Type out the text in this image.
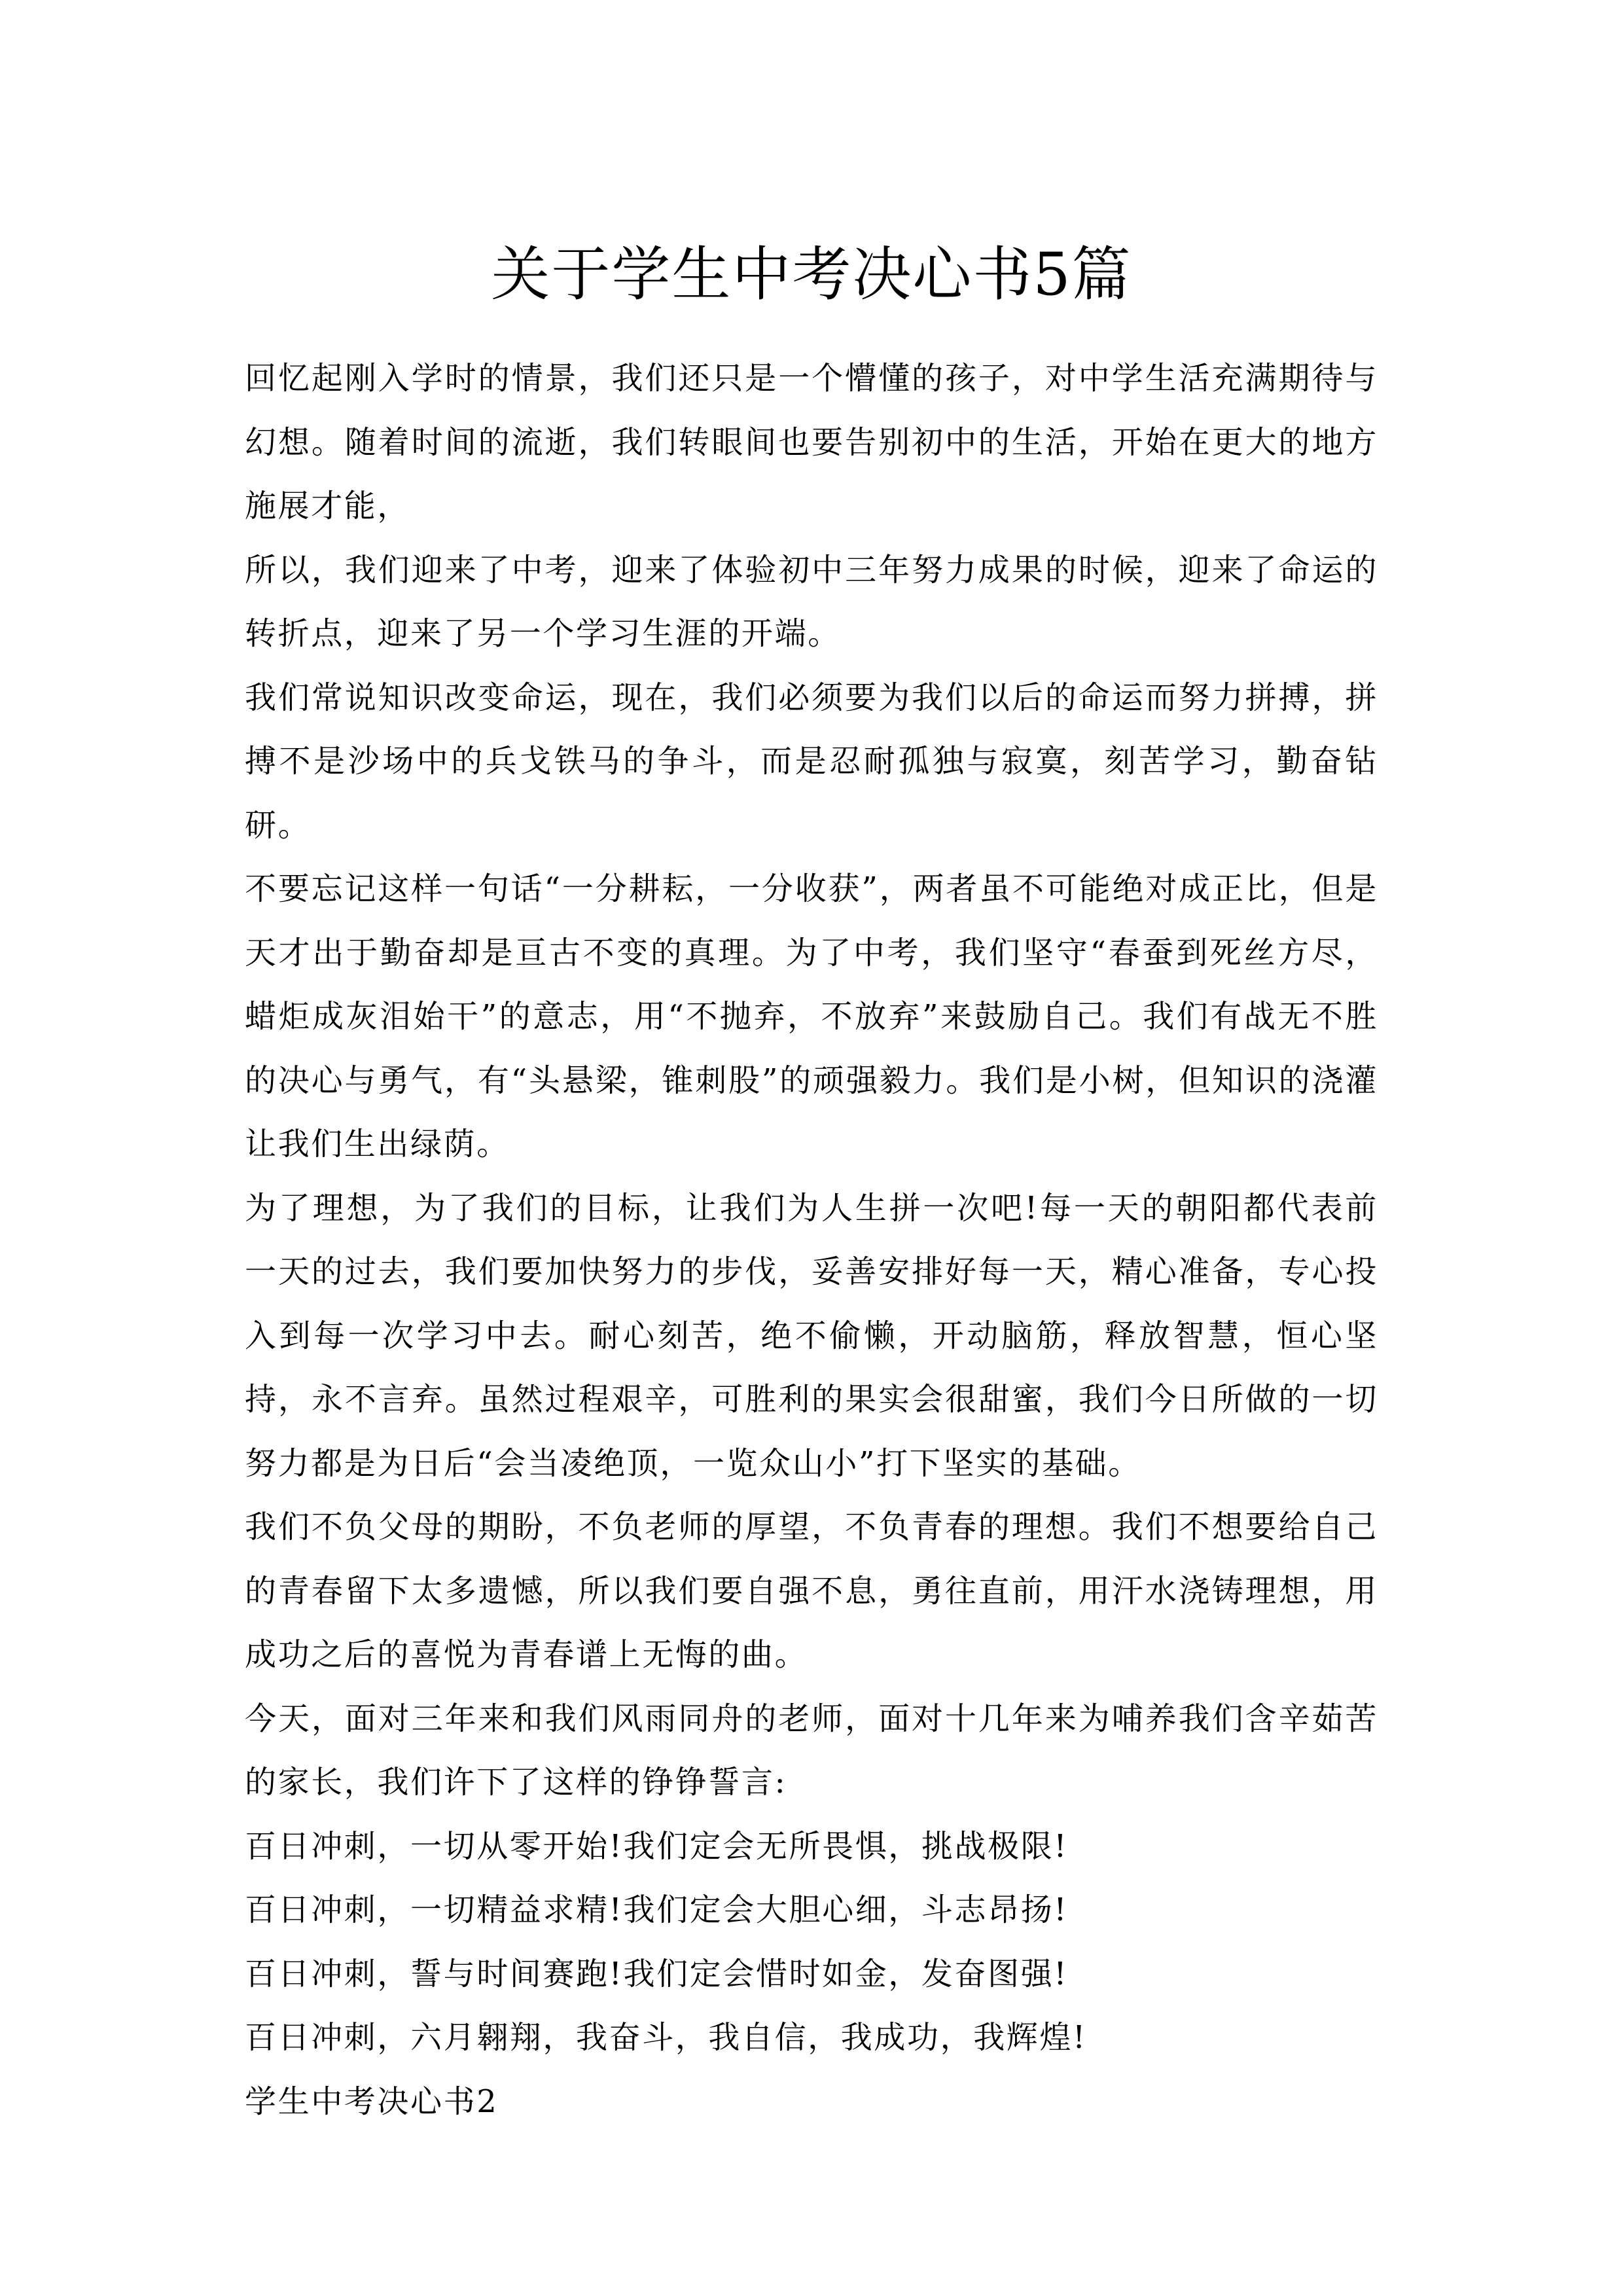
关于学生中考决心书5篇

回忆起刚入学时的情景，我们还只是一个懵懂的孩子，对中学生活充满期待与幻想。随着时间的流逝，我们转眼间也要告别初中的生活，开始在更大的地方施展才能，

所以，我们迎来了中考，迎来了体验初中三年努力成果的时候，迎来了命运的转折点，迎来了另一个学习生涯的开端。

我们常说知识改变命运，现在，我们必须要为我们以后的命运而努力拼搏，拼搏不是沙场中的兵戈铁马的争斗，而是忍耐孤独与寂寞，刻苦学习，勤奋钻研。

不要忘记这样一句话“一分耕耘，一分收获”，两者虽不可能绝对成正比，但是天才出于勤奋却是亘古不变的真理。为了中考，我们坚守“春蚕到死丝方尽，蜡炬成灰泪始干”的意志，用“不抛弃，不放弃”来鼓励自己。我们有战无不胜的决心与勇气，有“头悬梁，锥刺股”的顽强毅力。我们是小树，但知识的浇灌让我们生出绿荫。

为了理想，为了我们的目标，让我们为人生拼一次吧!每一天的朝阳都代表前一天的过去，我们要加快努力的步伐，妥善安排好每一天，精心准备，专心投入到每一次学习中去。耐心刻苦，绝不偷懒，开动脑筋，释放智慧，恒心坚持，永不言弃。虽然过程艰辛，可胜利的果实会很甜蜜，我们今日所做的一切努力都是为日后“会当凌绝顶，一览众山小”打下坚实的基础。

我们不负父母的期盼，不负老师的厚望，不负青春的理想。我们不想要给自己的青春留下太多遗憾，所以我们要自强不息，勇往直前，用汗水浇铸理想，用成功之后的喜悦为青春谱上无悔的曲。

今天，面对三年来和我们风雨同舟的老师，面对十几年来为哺养我们含辛茹苦的家长，我们许下了这样的铮铮誓言:

百日冲刺，一切从零开始!我们定会无所畏惧，挑战极限!

百日冲刺，一切精益求精!我们定会大胆心细，斗志昂扬!

百日冲刺，誓与时间赛跑!我们定会惜时如金，发奋图强!

百日冲刺，六月翱翔，我奋斗，我自信，我成功，我辉煌!

学生中考决心书2
